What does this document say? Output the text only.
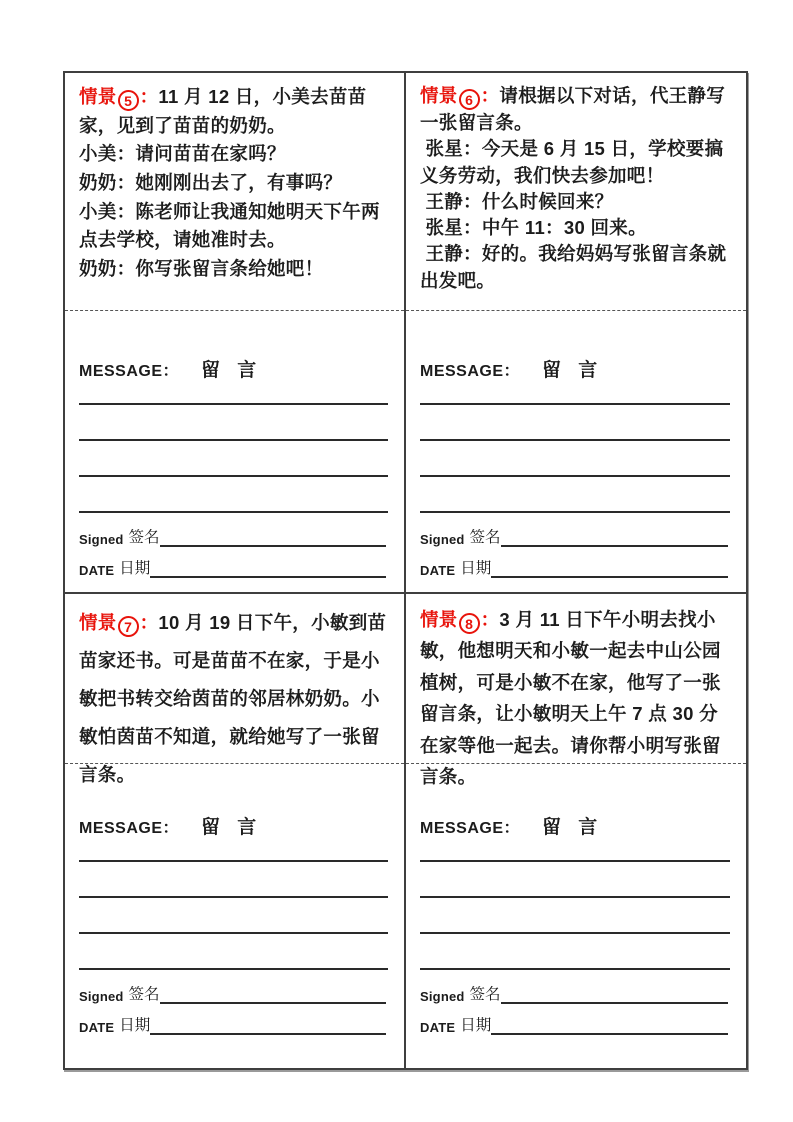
情景 5 ：11 月 12 日，小美去苗苗家，见到了苗苗的奶奶。
小美：请问苗苗在家吗？
奶奶：她刚刚出去了，有事吗？
小美：陈老师让我通知她明天下午两点去学校，请她准时去。
奶奶：你写张留言条给她吧！
MESSAGE： 留 言
Signed 签名
DATE 日期
情景 6 ：请根据以下对话，代王静写一张留言条。
张星：今天是 6 月 15 日，学校要搞义务劳动，我们快去参加吧！
王静：什么时候回来？
张星：中午 11：30 回来。
王静：好的。我给妈妈写张留言条就出发吧。
MESSAGE： 留 言
Signed 签名
DATE 日期
情景 7 ：10 月 19 日下午，小敏到苗苗家还书。可是苗苗不在家，于是小敏把书转交给茵苗的邻居林奶奶。小敏怕茵苗不知道，就给她写了一张留言条。
MESSAGE： 留 言
Signed 签名
DATE 日期
情景 8 ：3 月 11 日下午小明去找小敏，他想明天和小敏一起去中山公园植树，可是小敏不在家，他写了一张留言条，让小敏明天上午 7 点 30 分在家等他一起去。请你帮小明写张留言条。
MESSAGE： 留 言
Signed 签名
DATE 日期
